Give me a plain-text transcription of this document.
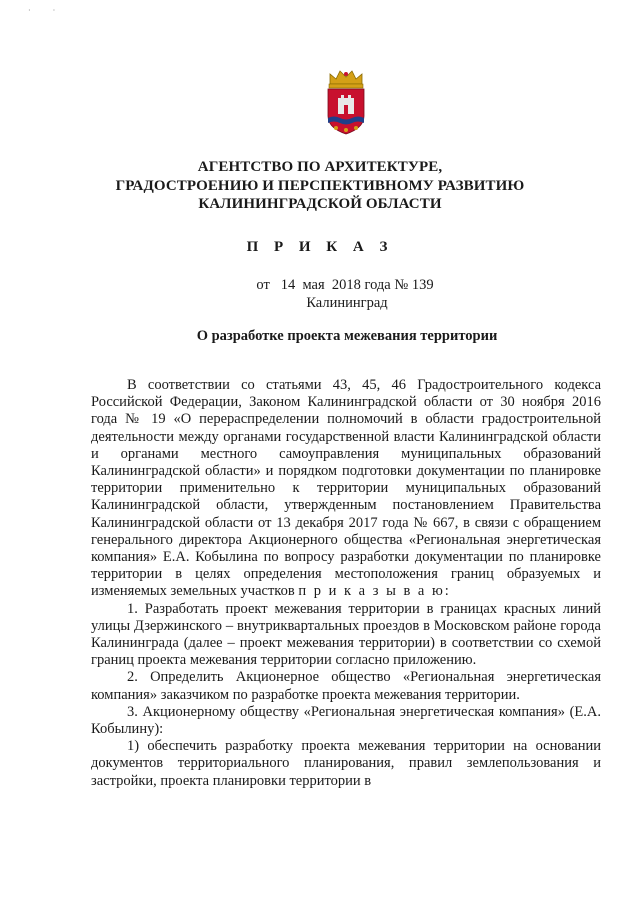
·	·
АГЕНТСТВО ПО АРХИТЕКТУРЕ,
ГРАДОСТРОЕНИЮ И ПЕРСПЕКТИВНОМУ РАЗВИТИЮ
КАЛИНИНГРАДСКОЙ ОБЛАСТИ
П Р И К А З
от   14  мая  2018 года № 139
Калининград
О разработке проекта межевания территории

В соответствии со статьями 43, 45, 46 Градостроительного кодекса Российской Федерации, Законом Калининградской области от 30 ноября 2016 года № 19 «О перераспределении полномочий в области градостроительной деятельности между органами государственной власти Калининградской области и органами местного самоуправления муниципальных образований Калининградской области» и порядком подготовки документации по планировке территории применительно к территории муниципальных образований Калининградской области, утвержденным постановлением Правительства Калининградской области от 13 декабря 2017 года № 667, в связи с обращением генерального директора Акционерного общества «Региональная энергетическая компания» Е.А. Кобылина по вопросу разработки документации по планировке территории в целях определения местоположения границ образуемых и изменяемых земельных участков п р и к а з ы в а ю:

1. Разработать проект межевания территории в границах красных линий улицы Дзержинского – внутриквартальных проездов в Московском районе города Калининграда (далее – проект межевания территории) в соответствии со схемой границ проекта межевания территории согласно приложению.

2. Определить Акционерное общество «Региональная энергетическая компания» заказчиком по разработке проекта межевания территории.

3. Акционерному обществу «Региональная энергетическая компания» (Е.А. Кобылину):

1) обеспечить разработку проекта межевания территории на основании документов территориального планирования, правил землепользования и застройки, проекта планировки территории в
